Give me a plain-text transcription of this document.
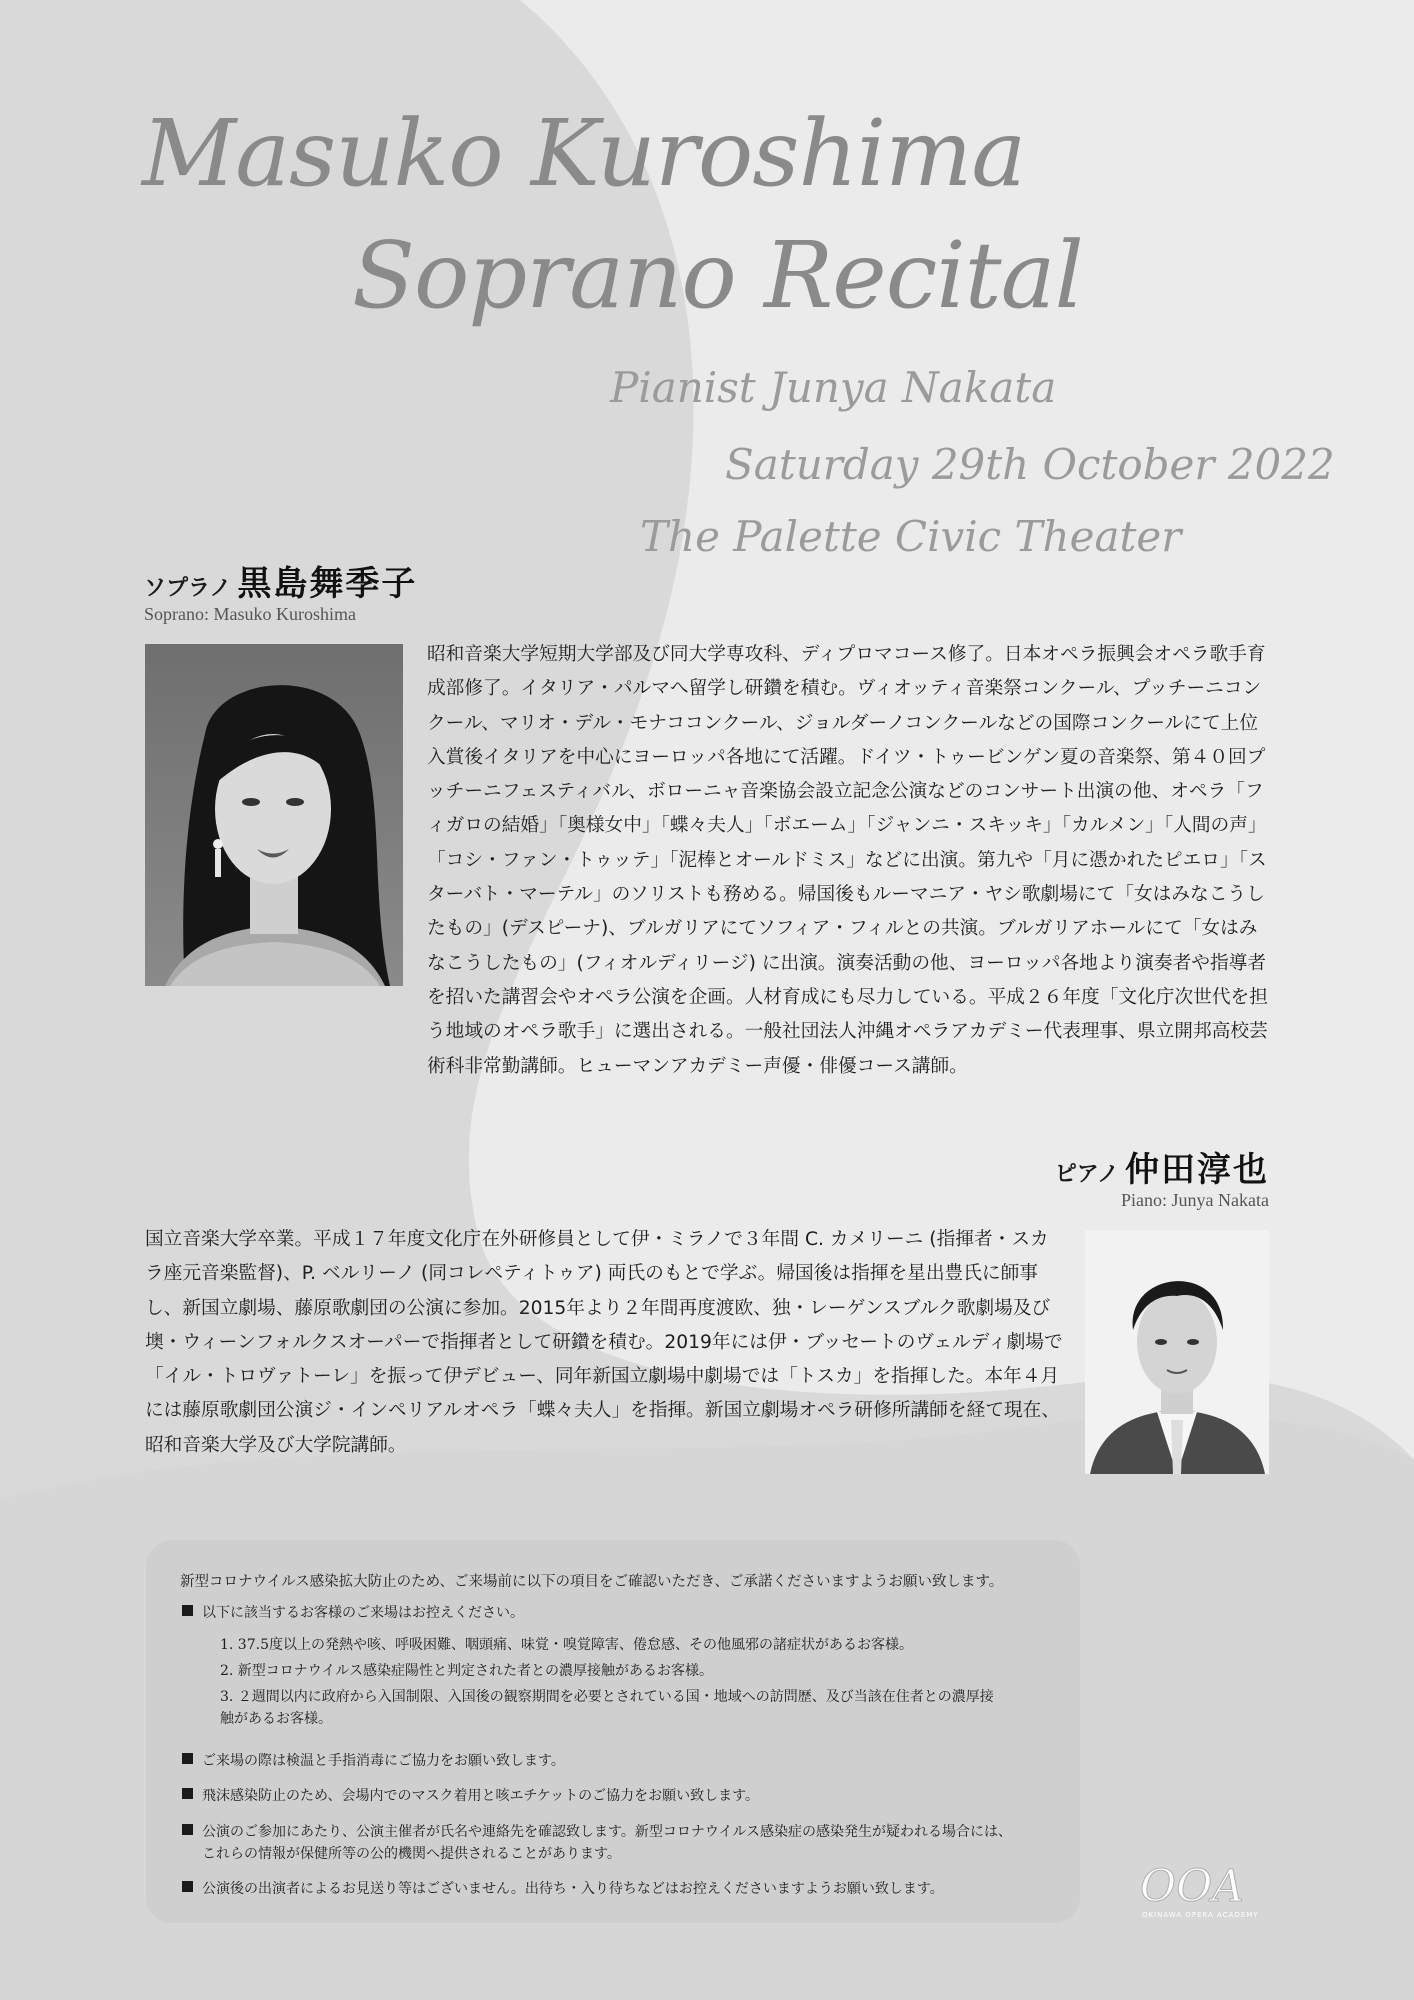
Masuko Kuroshima
Soprano Recital
Pianist Junya Nakata
Saturday 29th October 2022
The Palette Civic Theater
ソプラノ 黒島舞季子
Soprano: Masuko Kuroshima

昭和音楽大学短期大学部及び同大学専攻科、ディプロマコース修了。日本オペラ振興会オペラ歌手育成部修了。イタリア・パルマへ留学し研鑽を積む。ヴィオッティ音楽祭コンクール、プッチーニコンクール、マリオ・デル・モナココンクール、ジョルダーノコンクールなどの国際コンクールにて上位入賞後イタリアを中心にヨーロッパ各地にて活躍。ドイツ・トゥービンゲン夏の音楽祭、第４０回プッチーニフェスティバル、ボローニャ音楽協会設立記念公演などのコンサート出演の他、オペラ「フィガロの結婚」「奥様女中」「蝶々夫人」「ボエーム」「ジャンニ・スキッキ」「カルメン」「人間の声」「コシ・ファン・トゥッテ」「泥棒とオールドミス」などに出演。第九や「月に憑かれたピエロ」「スターバト・マーテル」のソリストも務める。帰国後もルーマニア・ヤシ歌劇場にて「女はみなこうしたもの」(デスピーナ)、ブルガリアにてソフィア・フィルとの共演。ブルガリアホールにて「女はみなこうしたもの」(フィオルディリージ) に出演。演奏活動の他、ヨーロッパ各地より演奏者や指導者を招いた講習会やオペラ公演を企画。人材育成にも尽力している。平成２６年度「文化庁次世代を担う地域のオペラ歌手」に選出される。一般社団法人沖縄オペラアカデミー代表理事、県立開邦高校芸術科非常勤講師。ヒューマンアカデミー声優・俳優コース講師。

ピアノ 仲田淳也
Piano: Junya Nakata

国立音楽大学卒業。平成１７年度文化庁在外研修員として伊・ミラノで３年間 C. カメリーニ (指揮者・スカラ座元音楽監督)、P. ベルリーノ (同コレペティトゥア) 両氏のもとで学ぶ。帰国後は指揮を星出豊氏に師事し、新国立劇場、藤原歌劇団の公演に参加。2015年より２年間再度渡欧、独・レーゲンスブルク歌劇場及び墺・ウィーンフォルクスオーパーで指揮者として研鑽を積む。2019年には伊・ブッセートのヴェルディ劇場で「イル・トロヴァトーレ」を振って伊デビュー、同年新国立劇場中劇場では「トスカ」を指揮した。本年４月には藤原歌劇団公演ジ・インペリアルオペラ「蝶々夫人」を指揮。新国立劇場オペラ研修所講師を経て現在、昭和音楽大学及び大学院講師。

新型コロナウイルス感染拡大防止のため、ご来場前に以下の項目をご確認いただき、ご承諾くださいますようお願い致します。
以下に該当するお客様のご来場はお控えください。
1. 37.5度以上の発熱や咳、呼吸困難、咽頭痛、味覚・嗅覚障害、倦怠感、その他風邪の諸症状があるお客様。
2. 新型コロナウイルス感染症陽性と判定された者との濃厚接触があるお客様。
3. ２週間以内に政府から入国制限、入国後の観察期間を必要とされている国・地域への訪問歴、及び当該在住者との濃厚接触があるお客様。
ご来場の際は検温と手指消毒にご協力をお願い致します。
飛沫感染防止のため、会場内でのマスク着用と咳エチケットのご協力をお願い致します。
公演のご参加にあたり、公演主催者が氏名や連絡先を確認致します。新型コロナウイルス感染症の感染発生が疑われる場合には、これらの情報が保健所等の公的機関へ提供されることがあります。
公演後の出演者によるお見送り等はございません。出待ち・入り待ちなどはお控えくださいますようお願い致します。	OOA
OKINAWA OPERA ACADEMY
